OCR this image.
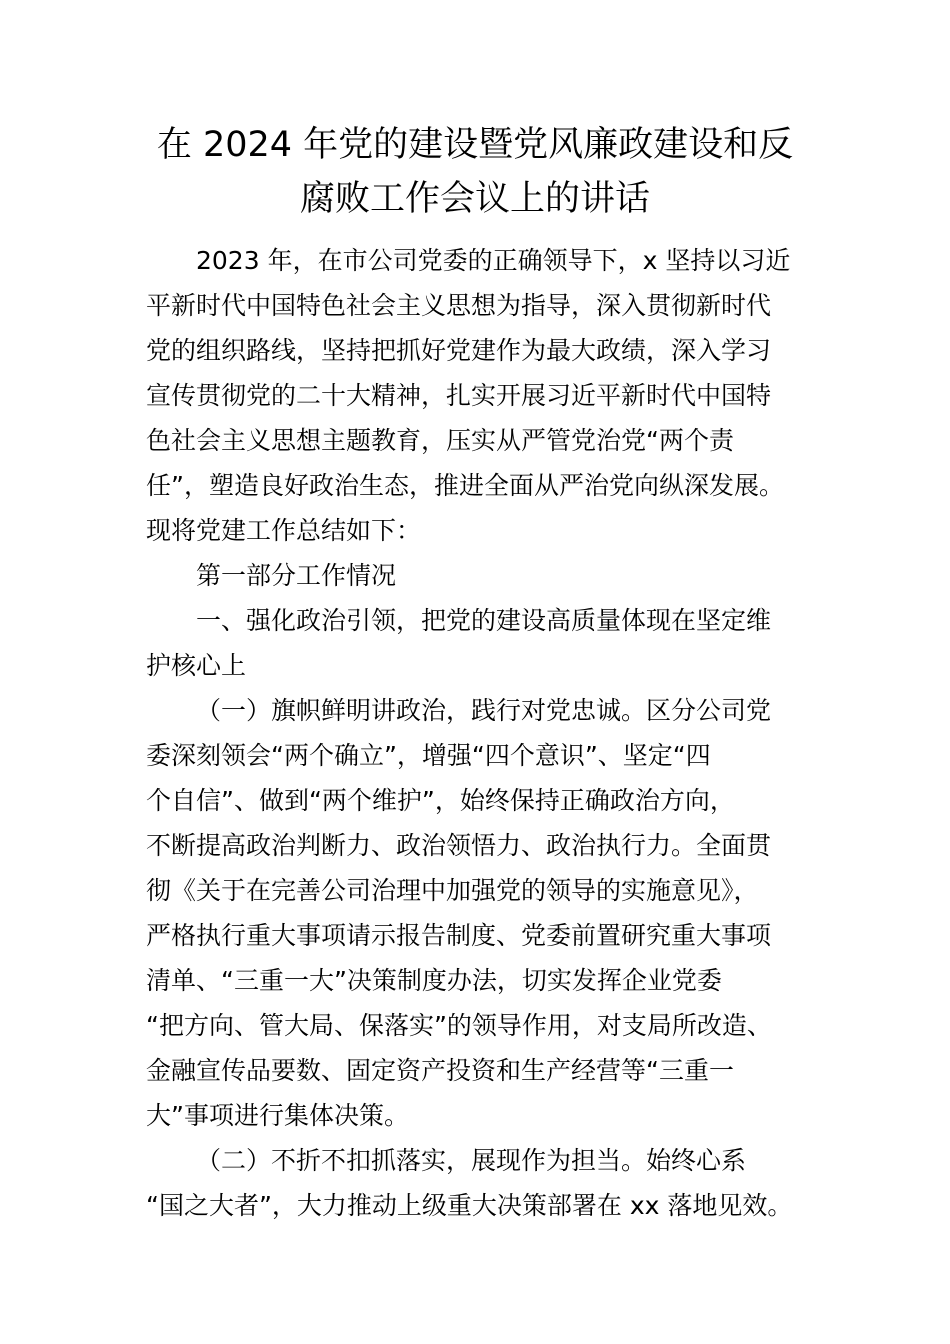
在 2024 年党的建设暨党风廉政建设和反
腐败工作会议上的讲话
2023 年，在市公司党委的正确领导下，x 坚持以习近
平新时代中国特色社会主义思想为指导，深入贯彻新时代
党的组织路线，坚持把抓好党建作为最大政绩，深入学习
宣传贯彻党的二十大精神，扎实开展习近平新时代中国特
色社会主义思想主题教育，压实从严管党治党“两个责
任”，塑造良好政治生态，推进全面从严治党向纵深发展。
现将党建工作总结如下：
第一部分工作情况
一、强化政治引领，把党的建设高质量体现在坚定维
护核心上
（一）旗帜鲜明讲政治，践行对党忠诚。区分公司党
委深刻领会“两个确立”，增强“四个意识”、坚定“四
个自信”、做到“两个维护”，始终保持正确政治方向，
不断提高政治判断力、政治领悟力、政治执行力。全面贯
彻《关于在完善公司治理中加强党的领导的实施意见》，
严格执行重大事项请示报告制度、党委前置研究重大事项
清单、“三重一大”决策制度办法，切实发挥企业党委
“把方向、管大局、保落实”的领导作用，对支局所改造、
金融宣传品要数、固定资产投资和生产经营等“三重一
大”事项进行集体决策。
（二）不折不扣抓落实，展现作为担当。始终心系
“国之大者”，大力推动上级重大决策部署在 xx 落地见效。
